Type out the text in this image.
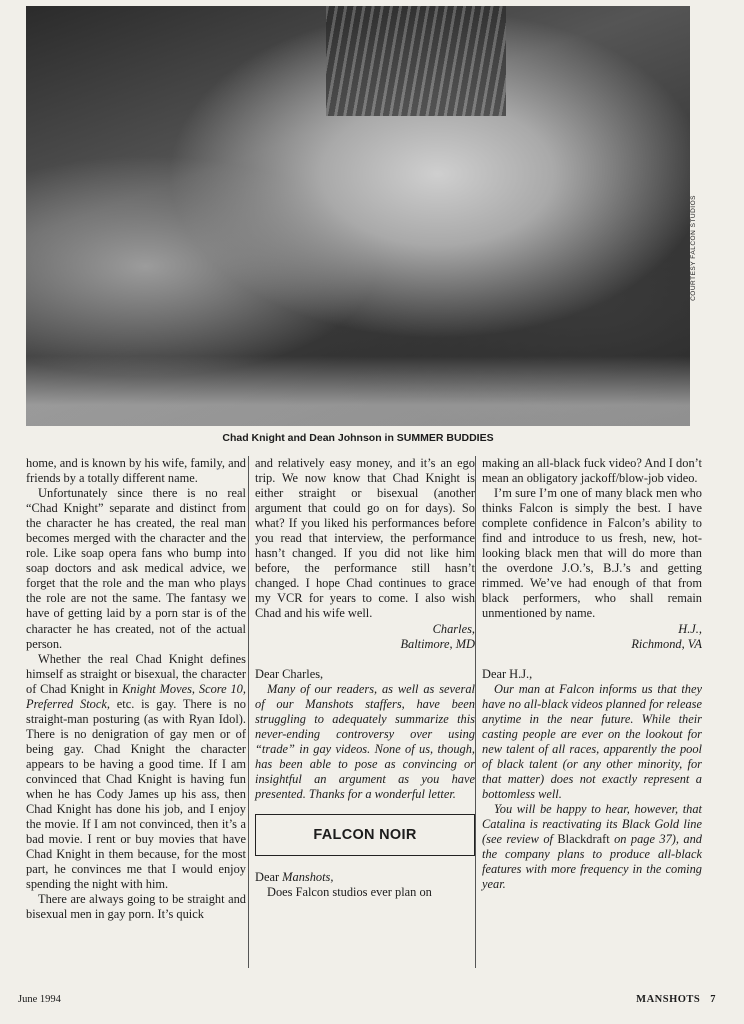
COURTESY FALCON STUDIOS
Chad Knight and Dean Johnson in SUMMER BUDDIES

home, and is known by his wife, family, and friends by a totally different name.

Unfortunately since there is no real “Chad Knight” separate and distinct from the character he has created, the real man becomes merged with the character and the role. Like soap opera fans who bump into soap doctors and ask medical advice, we forget that the role and the man who plays the role are not the same. The fantasy we have of getting laid by a porn star is of the character he has created, not of the actual person.

Whether the real Chad Knight defines himself as straight or bisexual, the character of Chad Knight in Knight Moves, Score 10, Preferred Stock, etc. is gay. There is no straight-man posturing (as with Ryan Idol). There is no denigration of gay men or of being gay. Chad Knight the character appears to be having a good time. If I am convinced that Chad Knight is having fun when he has Cody James up his ass, then Chad Knight has done his job, and I enjoy the movie. If I am not convinced, then it’s a bad movie. I rent or buy movies that have Chad Knight in them because, for the most part, he convinces me that I would enjoy spending the night with him.

There are always going to be straight and bisexual men in gay porn. It’s quick

and relatively easy money, and it’s an ego trip. We now know that Chad Knight is either straight or bisexual (another argument that could go on for days). So what? If you liked his performances before you read that interview, the performance hasn’t changed. If you did not like him before, the performance still hasn’t changed. I hope Chad continues to grace my VCR for years to come. I also wish Chad and his wife well.

Charles,

Baltimore, MD

Dear Charles,

Many of our readers, as well as several of our Manshots staffers, have been struggling to adequately summarize this never-ending controversy over using “trade” in gay videos. None of us, though, has been able to pose as convincing or insightful an argument as you have presented. Thanks for a wonderful letter.

FALCON NOIR

Dear Manshots,

Does Falcon studios ever plan on

making an all-black fuck video? And I don’t mean an obligatory jackoff/blow-job video.

I’m sure I’m one of many black men who thinks Falcon is simply the best. I have complete confidence in Falcon’s ability to find and introduce to us fresh, new, hot-looking black men that will do more than the overdone J.O.’s, B.J.’s and getting rimmed. We’ve had enough of that from black performers, who shall remain unmentioned by name.

H.J.,

Richmond, VA

Dear H.J.,

Our man at Falcon informs us that they have no all-black videos planned for release anytime in the near future. While their casting people are ever on the lookout for new talent of all races, apparently the pool of black talent (or any other minority, for that matter) does not exactly represent a bottomless well.

You will be happy to hear, however, that Catalina is reactivating its Black Gold line (see review of Blackdraft on page 37), and the company plans to produce all-black features with more frequency in the coming year.

June 1994	MANSHOTS 7
